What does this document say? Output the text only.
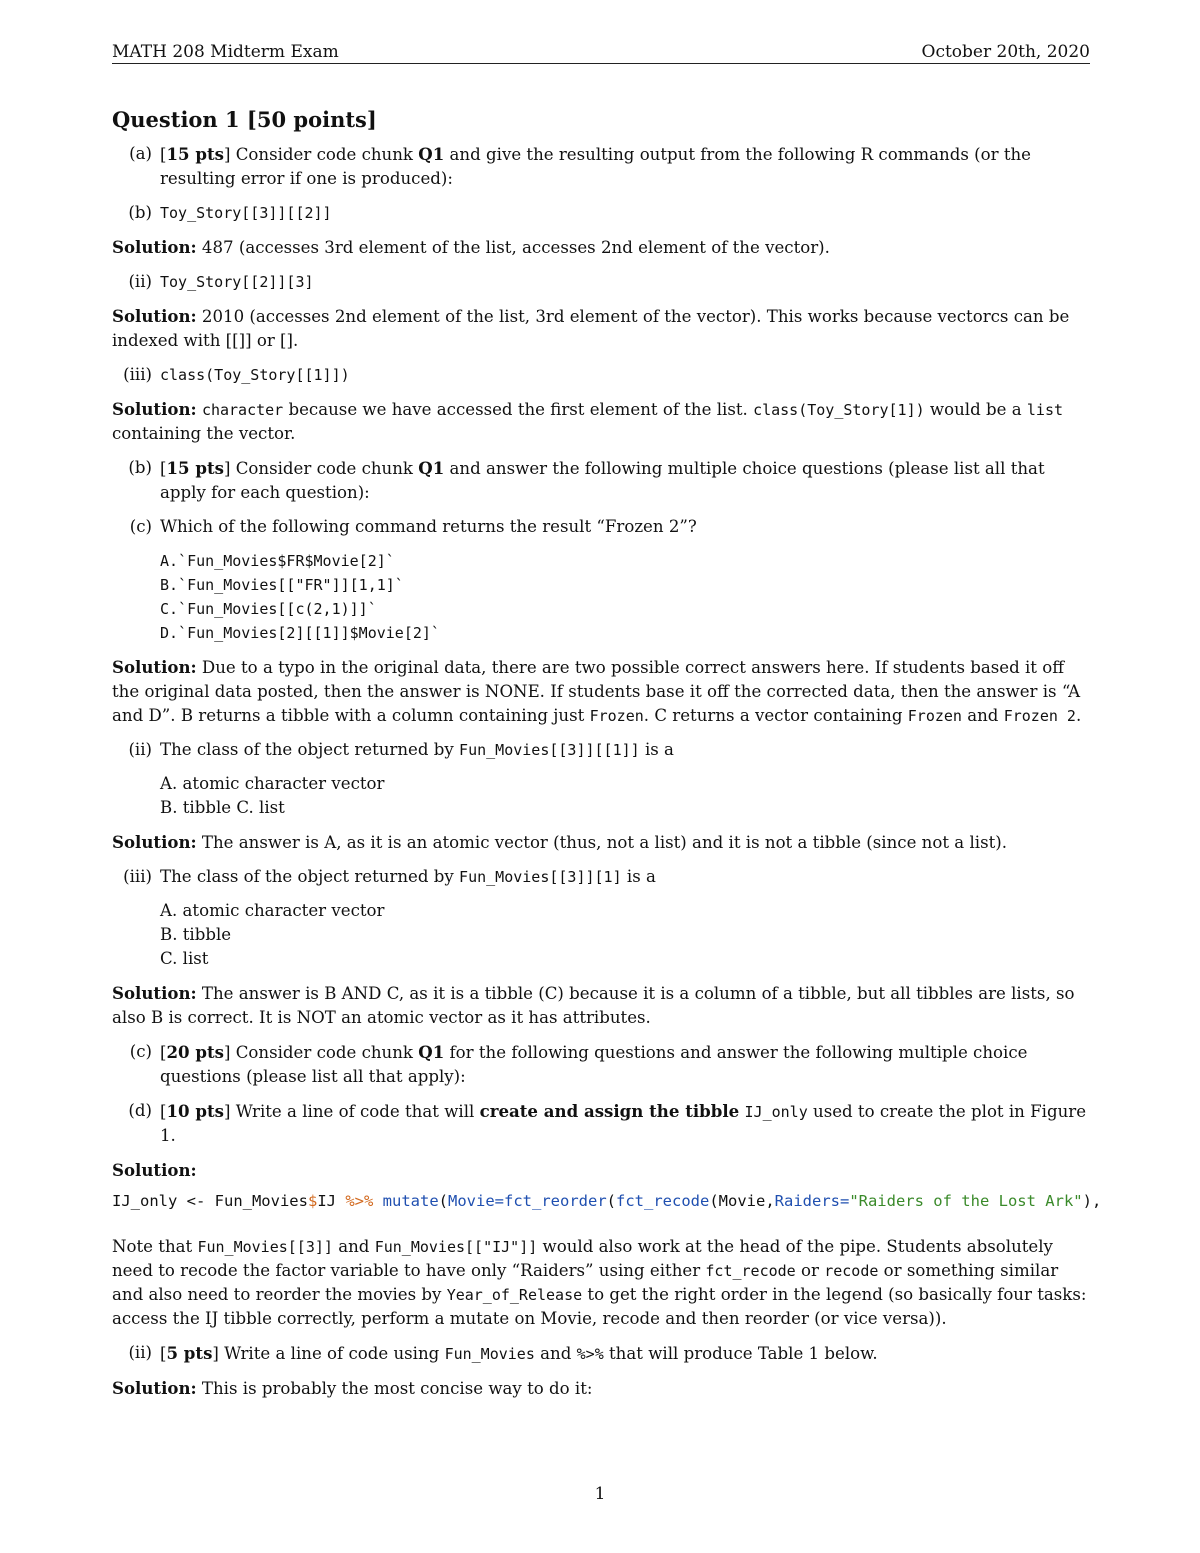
MATH 208 Midterm Exam	October 20th, 2020
Question 1 [50 points]
(a) [15 pts] Consider code chunk Q1 and give the resulting output from the following R commands (or the resulting error if one is produced):
(b) Toy_Story[[3]][[2]]
Solution: 487 (accesses 3rd element of the list, accesses 2nd element of the vector).
(ii) Toy_Story[[2]][3]
Solution: 2010 (accesses 2nd element of the list, 3rd element of the vector). This works because vectorcs can be indexed with [[]] or [].
(iii) class(Toy_Story[[1]])
Solution: character because we have accessed the first element of the list. class(Toy_Story[1]) would be a list containing the vector.
(b) [15 pts] Consider code chunk Q1 and answer the following multiple choice questions (please list all that apply for each question):
(c) Which of the following command returns the result “Frozen 2”?
A.`Fun_Movies$FR$Movie[2]`
B.`Fun_Movies[["FR"]][1,1]`
C.`Fun_Movies[[c(2,1)]]`
D.`Fun_Movies[2][[1]]$Movie[2]`
Solution: Due to a typo in the original data, there are two possible correct answers here. If students based it off the original data posted, then the answer is NONE. If students base it off the corrected data, then the answer is “A and D”. B returns a tibble with a column containing just Frozen. C returns a vector containing Frozen and Frozen 2.
(ii) The class of the object returned by Fun_Movies[[3]][[1]] is a
A. atomic character vector
B. tibble C. list
Solution: The answer is A, as it is an atomic vector (thus, not a list) and it is not a tibble (since not a list).
(iii) The class of the object returned by Fun_Movies[[3]][1] is a
A. atomic character vector
B. tibble
C. list
Solution: The answer is B AND C, as it is a tibble (C) because it is a column of a tibble, but all tibbles are lists, so also B is correct. It is NOT an atomic vector as it has attributes.
(c) [20 pts] Consider code chunk Q1 for the following questions and answer the following multiple choice questions (please list all that apply):
(d) [10 pts] Write a line of code that will create and assign the tibble IJ_only used to create the plot in Figure 1.
Solution:
IJ_only <- Fun_Movies$IJ %>% mutate(Movie=fct_reorder(fct_recode(Movie,Raiders="Raiders of the Lost Ark"),
Note that Fun_Movies[[3]] and Fun_Movies[["IJ"]] would also work at the head of the pipe. Students absolutely need to recode the factor variable to have only “Raiders” using either fct_recode or recode or something similar and also need to reorder the movies by Year_of_Release to get the right order in the legend (so basically four tasks: access the IJ tibble correctly, perform a mutate on Movie, recode and then reorder (or vice versa)).
(ii) [5 pts] Write a line of code using Fun_Movies and %>% that will produce Table 1 below.
Solution: This is probably the most concise way to do it:
1
